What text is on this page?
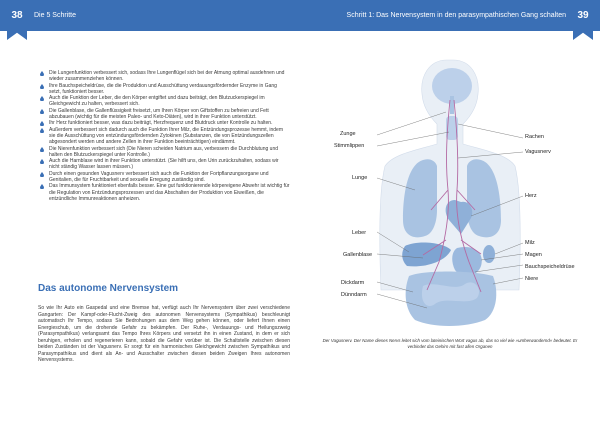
38	39
Die 5 Schritte	Schritt 1: Das Nervensystem in den parasympathischen Gang schalten
Die Lungenfunktion verbessert sich, sodass Ihre Lungenflügel sich bei der Atmung optimal ausdehnen und wieder zusammenziehen können.
Ihre Bauchspeicheldrüse, die die Produktion und Ausschüttung verdauungsfördernder Enzyme in Gang setzt, funktioniert besser.
Auch die Funktion der Leber, die den Körper entgiftet und dazu beiträgt, den Blutzuckerspiegel im Gleichgewicht zu halten, verbessert sich.
Die Gallenblase, die Gallenflüssigkeit freisetzt, um Ihren Körper von Giftstoffen zu befreien und Fett abzubauen (wichtig für die meisten Paleo- und Keto-Diäten), wird in ihrer Funktion unterstützt.
Ihr Herz funktioniert besser, was dazu beiträgt, Herzfrequenz und Blutdruck unter Kontrolle zu halten.
Außerdem verbessert sich dadurch auch die Funktion Ihrer Milz, die Entzündungsprozesse hemmt, indem sie die Ausschüttung von entzündungsfördernden Zytokinen (Substanzen, die von Entzündungszellen abgesondert werden und andere Zellen in ihrer Funktion beeinträchtigen) eindämmt.
Die Nierenfunktion verbessert sich (Die Nieren scheiden Natrium aus, verbessern die Durchblutung und halten den Blutzuckerspiegel unter Kontrolle.)
Auch die Harnblase wird in ihrer Funktion unterstützt. (Sie hilft uns, den Urin zurückzuhalten, sodass wir nicht ständig Wasser lassen müssen.)
Durch einen gesunden Vagusnerv verbessert sich auch die Funktion der Fortpflanzungsorgane und Genitalien, die für Fruchtbarkeit und sexuelle Erregung zuständig sind.
Das Immunsystem funktioniert ebenfalls besser. Eine gut funktionierende körpereigene Abwehr ist wichtig für die Regulation von Entzündungsprozessen und das Abschalten der Produktion von Eiweißen, die entzündliche Immunreaktionen anheizen.
Das autonome Nervensystem

So wie Ihr Auto ein Gaspedal und eine Bremse hat, verfügt auch Ihr Nervensystem über zwei verschiedene Gangarten: Der Kampf-oder-Flucht-Zweig des autonomen Nervensystems (Sympathikus) beschleunigt automatisch Ihr Tempo, sodass Sie Bedrohungen aus dem Weg gehen können, oder liefert Ihnen einen Energieschub, um die drohende Gefahr zu bekämpfen. Der Ruhe-, Verdauungs- und Heilungszweig (Parasympathikus) verlangsamt das Tempo Ihres Körpers und versetzt ihn in einen Zustand, in dem er sich beruhigen, erholen und regenerieren kann, sobald die Gefahr vorüber ist. Die Schaltstelle zwischen diesen beiden Zuständen ist der Vagusnerv. Er sorgt für ein harmonisches Gleichgewicht zwischen Sympathikus und Parasympathikus und dient als An- und Ausschalter zwischen diesen beiden Zweigen Ihres autonomen Nervensystems.

Zunge
Stimmlippen
Lunge
Leber
Gallenblase
Dickdarm
Dünndarm
Rachen
Vagusnerv
Herz
Milz
Magen
Bauchspeicheldrüse
Niere

Der Vagusnerv. Der Name dieses Nervs leitet sich vom lateinischen Wort vagus ab, das so viel wie »umherwandernd« bedeutet. Er verbindet das Gehirn mit fast allen Organen
